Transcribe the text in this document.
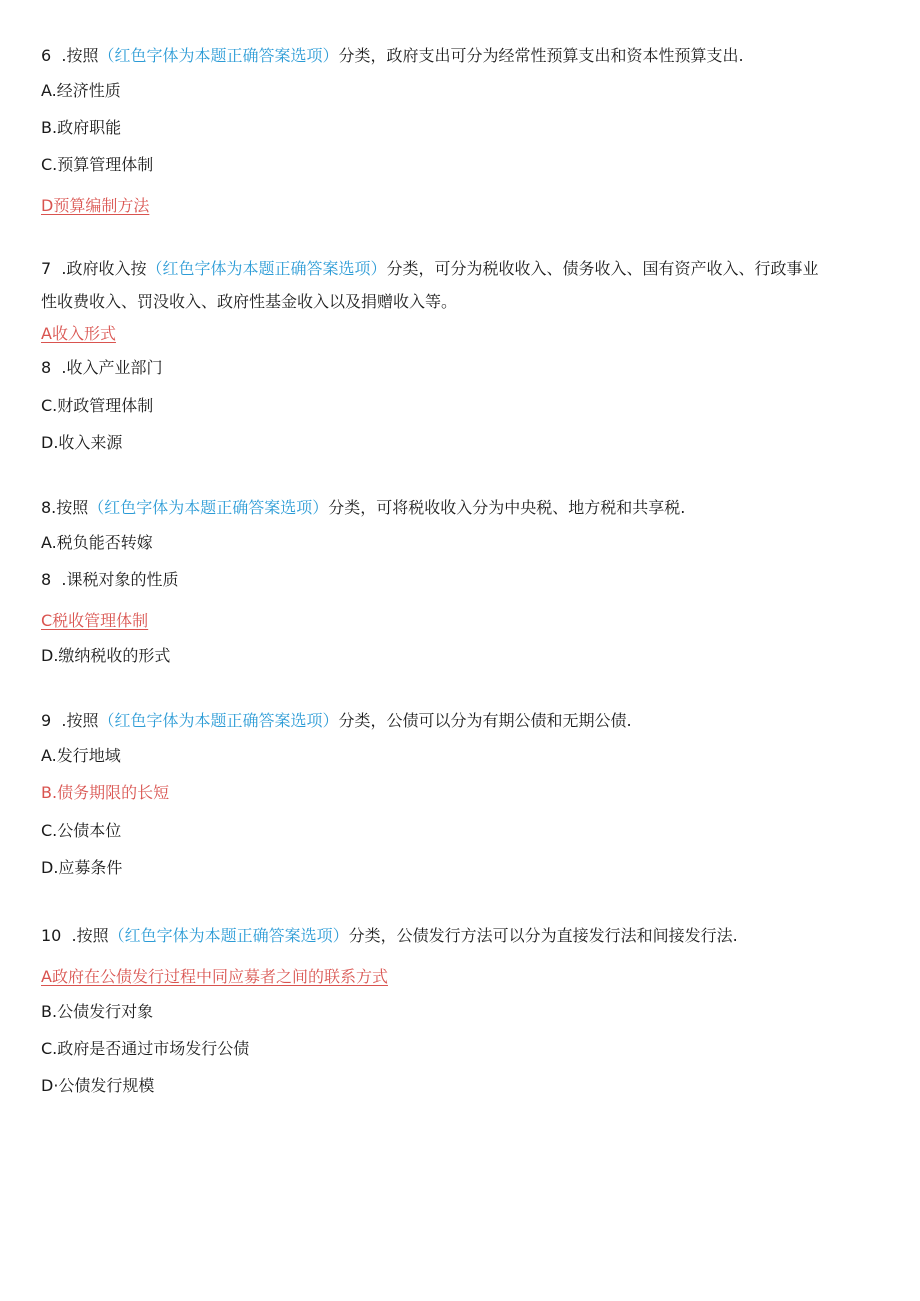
6  .按照（红色字体为本题正确答案选项）分类，政府支出可分为经常性预算支出和资本性预算支出.
A.经济性质
B.政府职能
C.预算管理体制
D预算编制方法
7  .政府收入按（红色字体为本题正确答案选项）分类，可分为税收收入、债务收入、国有资产收入、行政事业
性收费收入、罚没收入、政府性基金收入以及捐赠收入等。
A收入形式
8  .收入产业部门
C.财政管理体制
D.收入来源
8.按照（红色字体为本题正确答案选项）分类，可将税收收入分为中央税、地方税和共享税.
A.税负能否转嫁
8  .课税对象的性质
C税收管理体制
D.缴纳税收的形式
9  .按照（红色字体为本题正确答案选项）分类，公债可以分为有期公债和无期公债.
A.发行地域
B.债务期限的长短
C.公债本位
D.应募条件
10  .按照（红色字体为本题正确答案选项）分类，公债发行方法可以分为直接发行法和间接发行法.
A政府在公债发行过程中同应募者之间的联系方式
B.公债发行对象
C.政府是否通过市场发行公债
D·公债发行规模
